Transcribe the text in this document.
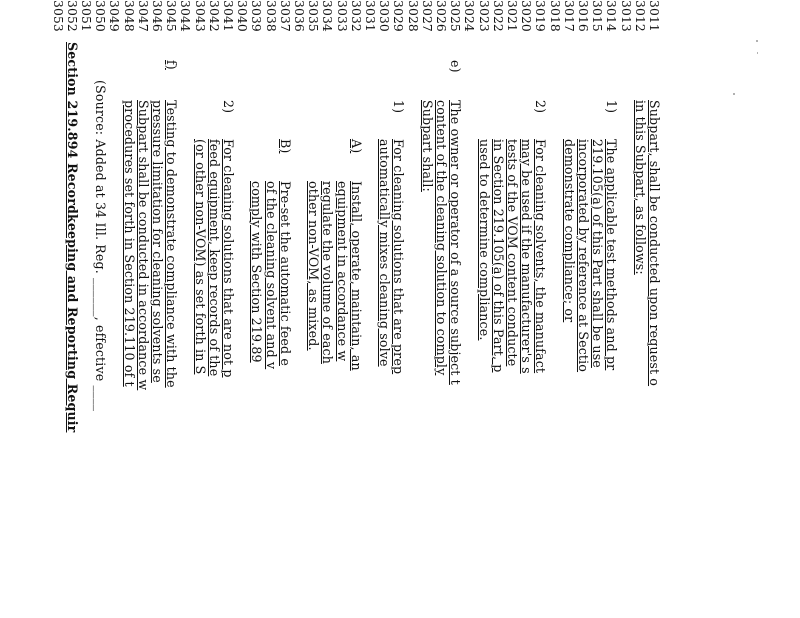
3011
3012
3013
3014
3015
3016
3017
3018
3019
3020
3021
3022
3023
3024
3025
3026
3027
3028
3029
3030
3031
3032
3033
3034
3035
3036
3037
3038
3039
3040
3041
3042
3043
3044
3045
3046
3047
3048
3049
3050
3051
3052
3053
Subpart, shall be conducted upon request o
in this Subpart, as follows:
1)
The applicable test methods and pr
219.105(a) of this Part shall be use
incorporated by reference at Sectio
demonstrate compliance; or
2)
For cleaning solvents, the manufact
may be used if the manufacturer's s
tests of the VOM content conducte
in Section 219.105(a) of this Part, p
used to determine compliance.
e)
The owner or operator of a source subject t
content of the cleaning solution to comply
Subpart shall:
1)
For cleaning solutions that are prep
automatically mixes cleaning solve
A)
Install, operate, maintain, an
equipment in accordance w
regulate the volume of each
other non-VOM, as mixed.
B)
Pre-set the automatic feed e
of the cleaning solvent and v
comply with Section 219.89
2)
For cleaning solutions that are not p
feed equipment, keep records of the
(or other non-VOM) as set forth in S
f)
Testing to demonstrate compliance with the
pressure limitation for cleaning solvents se
Subpart shall be conducted in accordance w
procedures set forth in Section 219.110 of t
(Source: Added at 34 Ill. Reg. ______, effective ____
Section 219.894 Recordkeeping and Reporting Requir
